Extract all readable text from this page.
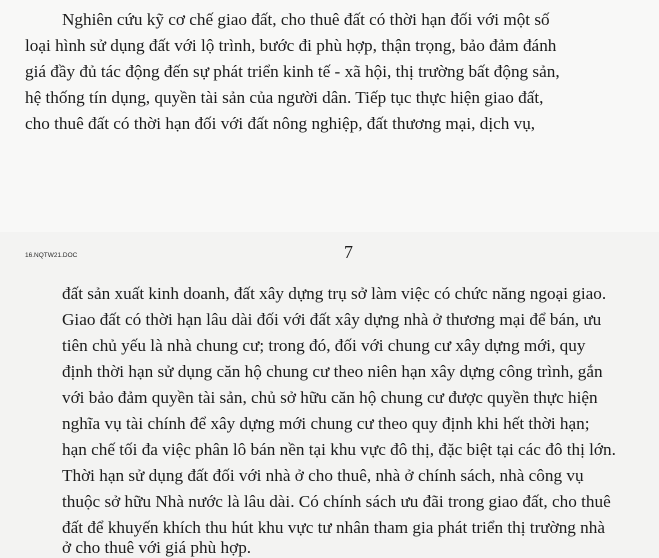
Nghiên cứu kỹ cơ chế giao đất, cho thuê đất có thời hạn đối với một số
loại hình sử dụng đất với lộ trình, bước đi phù hợp, thận trọng, bảo đảm đánh
giá đầy đủ tác động đến sự phát triển kinh tế - xã hội, thị trường bất động sản,
hệ thống tín dụng, quyền tài sản của người dân. Tiếp tục thực hiện giao đất,
cho thuê đất có thời hạn đối với đất nông nghiệp, đất thương mại, dịch vụ,
16.NQTW21.DOC	7
đất sản xuất kinh doanh, đất xây dựng trụ sở làm việc có chức năng ngoại giao.
Giao đất có thời hạn lâu dài đối với đất xây dựng nhà ở thương mại để bán, ưu
tiên chủ yếu là nhà chung cư; trong đó, đối với chung cư xây dựng mới, quy
định thời hạn sử dụng căn hộ chung cư theo niên hạn xây dựng công trình, gắn
với bảo đảm quyền tài sản, chủ sở hữu căn hộ chung cư được quyền thực hiện
nghĩa vụ tài chính để xây dựng mới chung cư theo quy định khi hết thời hạn;
hạn chế tối đa việc phân lô bán nền tại khu vực đô thị, đặc biệt tại các đô thị lớn.
Thời hạn sử dụng đất đối với nhà ở cho thuê, nhà ở chính sách, nhà công vụ
thuộc sở hữu Nhà nước là lâu dài. Có chính sách ưu đãi trong giao đất, cho thuê
đất để khuyến khích thu hút khu vực tư nhân tham gia phát triển thị trường nhà
ở cho thuê với giá phù hợp.
